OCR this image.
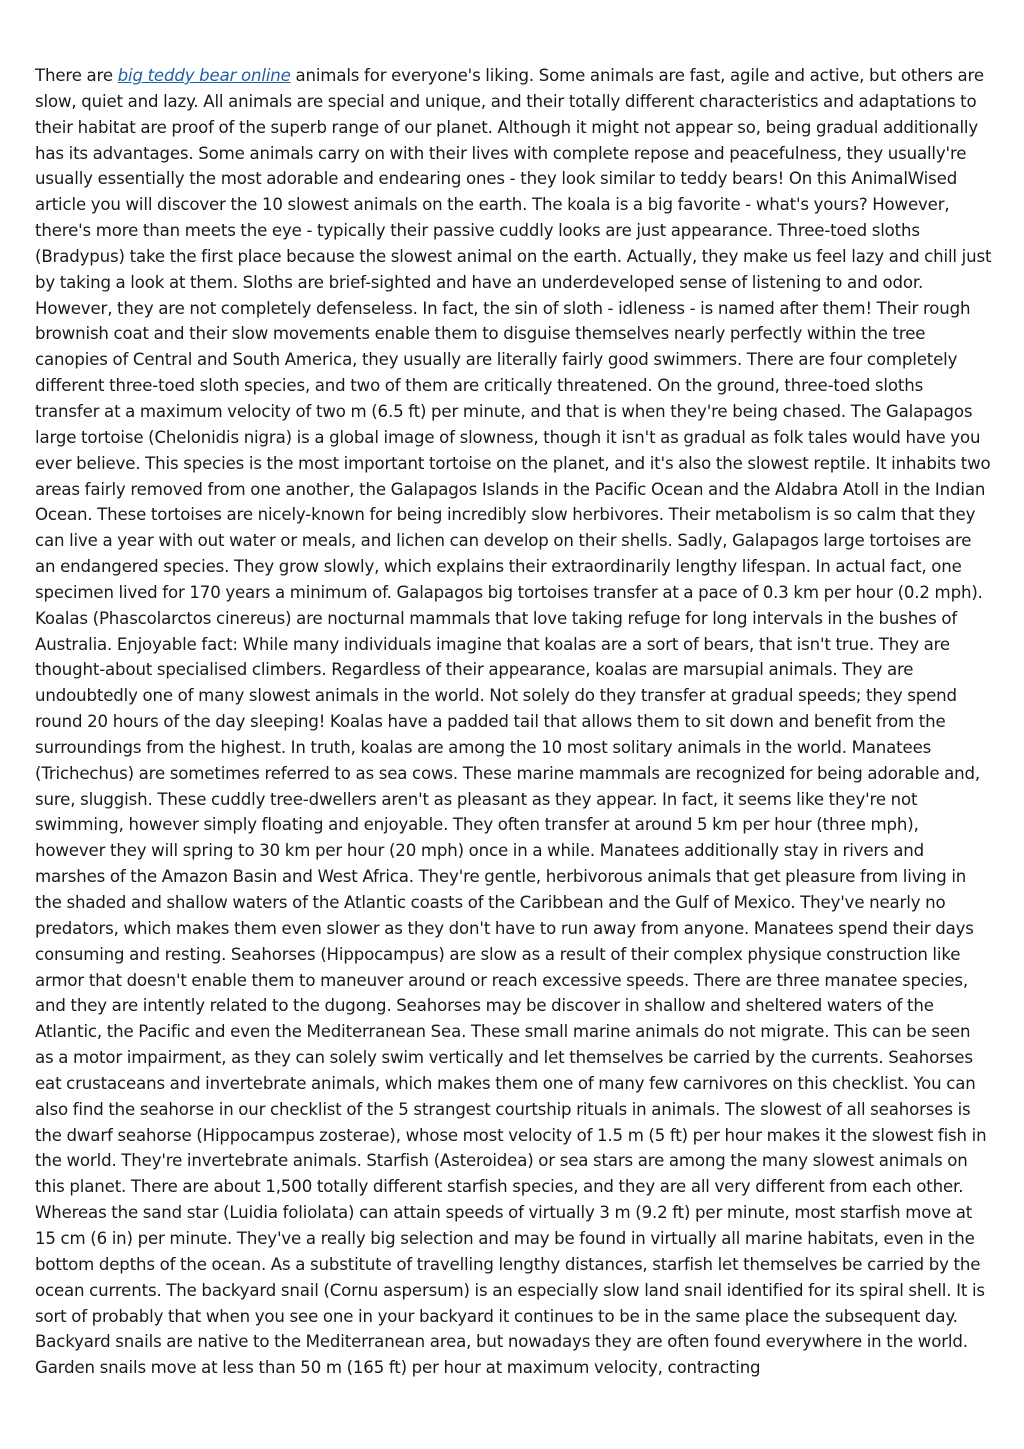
There are big teddy bear online animals for everyone's liking. Some animals are fast, agile and active, but others are slow, quiet and lazy. All animals are special and unique, and their totally different characteristics and adaptations to their habitat are proof of the superb range of our planet. Although it might not appear so, being gradual additionally has its advantages. Some animals carry on with their lives with complete repose and peacefulness, they usually're usually essentially the most adorable and endearing ones - they look similar to teddy bears! On this AnimalWised article you will discover the 10 slowest animals on the earth. The koala is a big favorite - what's yours? However, there's more than meets the eye - typically their passive cuddly looks are just appearance. Three-toed sloths (Bradypus) take the first place because the slowest animal on the earth. Actually, they make us feel lazy and chill just by taking a look at them. Sloths are brief-sighted and have an underdeveloped sense of listening to and odor. However, they are not completely defenseless. In fact, the sin of sloth - idleness - is named after them! Their rough brownish coat and their slow movements enable them to disguise themselves nearly perfectly within the tree canopies of Central and South America, they usually are literally fairly good swimmers. There are four completely different three-toed sloth species, and two of them are critically threatened. On the ground, three-toed sloths transfer at a maximum velocity of two m (6.5 ft) per minute, and that is when they're being chased. The Galapagos large tortoise (Chelonidis nigra) is a global image of slowness, though it isn't as gradual as folk tales would have you ever believe. This species is the most important tortoise on the planet, and it's also the slowest reptile. It inhabits two areas fairly removed from one another, the Galapagos Islands in the Pacific Ocean and the Aldabra Atoll in the Indian Ocean. These tortoises are nicely-known for being incredibly slow herbivores. Their metabolism is so calm that they can live a year with out water or meals, and lichen can develop on their shells. Sadly, Galapagos large tortoises are an endangered species. They grow slowly, which explains their extraordinarily lengthy lifespan. In actual fact, one specimen lived for 170 years a minimum of. Galapagos big tortoises transfer at a pace of 0.3 km per hour (0.2 mph). Koalas (Phascolarctos cinereus) are nocturnal mammals that love taking refuge for long intervals in the bushes of Australia. Enjoyable fact: While many individuals imagine that koalas are a sort of bears, that isn't true. They are thought-about specialised climbers. Regardless of their appearance, koalas are marsupial animals. They are undoubtedly one of many slowest animals in the world. Not solely do they transfer at gradual speeds; they spend round 20 hours of the day sleeping! Koalas have a padded tail that allows them to sit down and benefit from the surroundings from the highest. In truth, koalas are among the 10 most solitary animals in the world. Manatees (Trichechus) are sometimes referred to as sea cows. These marine mammals are recognized for being adorable and, sure, sluggish. These cuddly tree-dwellers aren't as pleasant as they appear. In fact, it seems like they're not swimming, however simply floating and enjoyable. They often transfer at around 5 km per hour (three mph), however they will spring to 30 km per hour (20 mph) once in a while. Manatees additionally stay in rivers and marshes of the Amazon Basin and West Africa. They're gentle, herbivorous animals that get pleasure from living in the shaded and shallow waters of the Atlantic coasts of the Caribbean and the Gulf of Mexico. They've nearly no predators, which makes them even slower as they don't have to run away from anyone. Manatees spend their days consuming and resting. Seahorses (Hippocampus) are slow as a result of their complex physique construction like armor that doesn't enable them to maneuver around or reach excessive speeds. There are three manatee species, and they are intently related to the dugong. Seahorses may be discover in shallow and sheltered waters of the Atlantic, the Pacific and even the Mediterranean Sea. These small marine animals do not migrate. This can be seen as a motor impairment, as they can solely swim vertically and let themselves be carried by the currents. Seahorses eat crustaceans and invertebrate animals, which makes them one of many few carnivores on this checklist. You can also find the seahorse in our checklist of the 5 strangest courtship rituals in animals. The slowest of all seahorses is the dwarf seahorse (Hippocampus zosterae), whose most velocity of 1.5 m (5 ft) per hour makes it the slowest fish in the world. They're invertebrate animals. Starfish (Asteroidea) or sea stars are among the many slowest animals on this planet. There are about 1,500 totally different starfish species, and they are all very different from each other. Whereas the sand star (Luidia foliolata) can attain speeds of virtually 3 m (9.2 ft) per minute, most starfish move at 15 cm (6 in) per minute. They've a really big selection and may be found in virtually all marine habitats, even in the bottom depths of the ocean. As a substitute of travelling lengthy distances, starfish let themselves be carried by the ocean currents. The backyard snail (Cornu aspersum) is an especially slow land snail identified for its spiral shell. It is sort of probably that when you see one in your backyard it continues to be in the same place the subsequent day. Backyard snails are native to the Mediterranean area, but nowadays they are often found everywhere in the world. Garden snails move at less than 50 m (165 ft) per hour at maximum velocity, contracting
